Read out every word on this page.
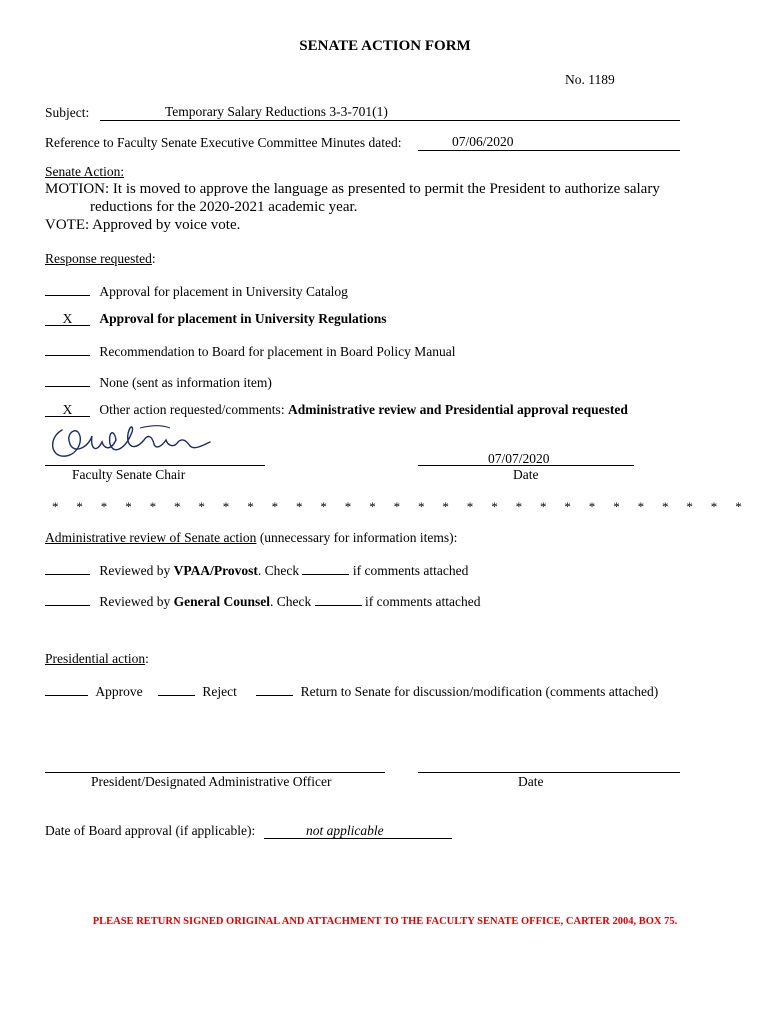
SENATE ACTION FORM
No. 1189
Subject:	Temporary Salary Reductions 3-3-701(1)
Reference to Faculty Senate Executive Committee Minutes dated:	07/06/2020
Senate Action:
MOTION: It is moved to approve the language as presented to permit the President to authorize salary
reductions for the 2020-2021 academic year.
VOTE: Approved by voice vote.
Response requested:
Approval for placement in University Catalog
X Approval for placement in University Regulations
Recommendation to Board for placement in Board Policy Manual
None (sent as information item)
X Other action requested/comments: Administrative review and Presidential approval requested
Faculty Senate Chair
07/07/2020
Date
* * * * * * * * * * * * * * * * * * * * * * * * * * * * *
Administrative review of Senate action (unnecessary for information items):
Reviewed by VPAA/Provost. Check	if comments attached
Reviewed by General Counsel. Check	if comments attached
Presidential action:
Approve	Reject	Return to Senate for discussion/modification (comments attached)
President/Designated Administrative Officer	Date
Date of Board approval (if applicable):	not applicable
PLEASE RETURN SIGNED ORIGINAL AND ATTACHMENT TO THE FACULTY SENATE OFFICE, CARTER 2004, BOX 75.
